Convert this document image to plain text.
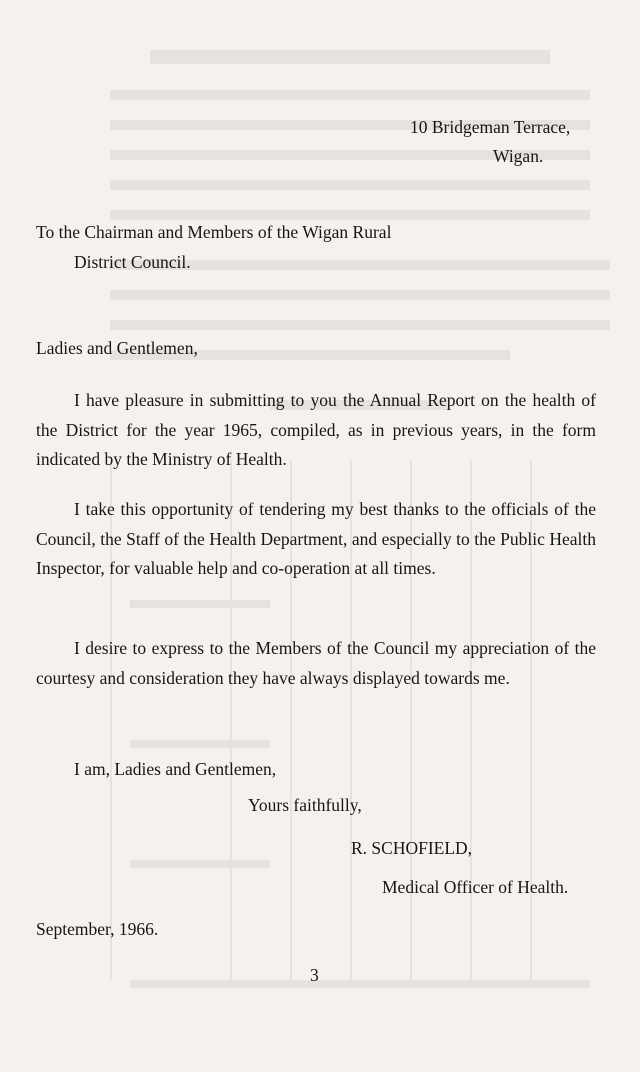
10 Bridgeman Terrace,
Wigan.
To the Chairman and Members of the Wigan Rural
District Council.
Ladies and Gentlemen,
I have pleasure in submitting to you the Annual Report on the health of the District for the year 1965, compiled, as in previous years, in the form indicated by the Ministry of Health.
I take this opportunity of tendering my best thanks to the officials of the Council, the Staff of the Health Department, and especially to the Public Health Inspector, for valuable help and co-operation at all times.
I desire to express to the Members of the Council my appreciation of the courtesy and consideration they have always displayed towards me.
I am, Ladies and Gentlemen,
Yours faithfully,
R. SCHOFIELD,
Medical Officer of Health.
September, 1966.
3
